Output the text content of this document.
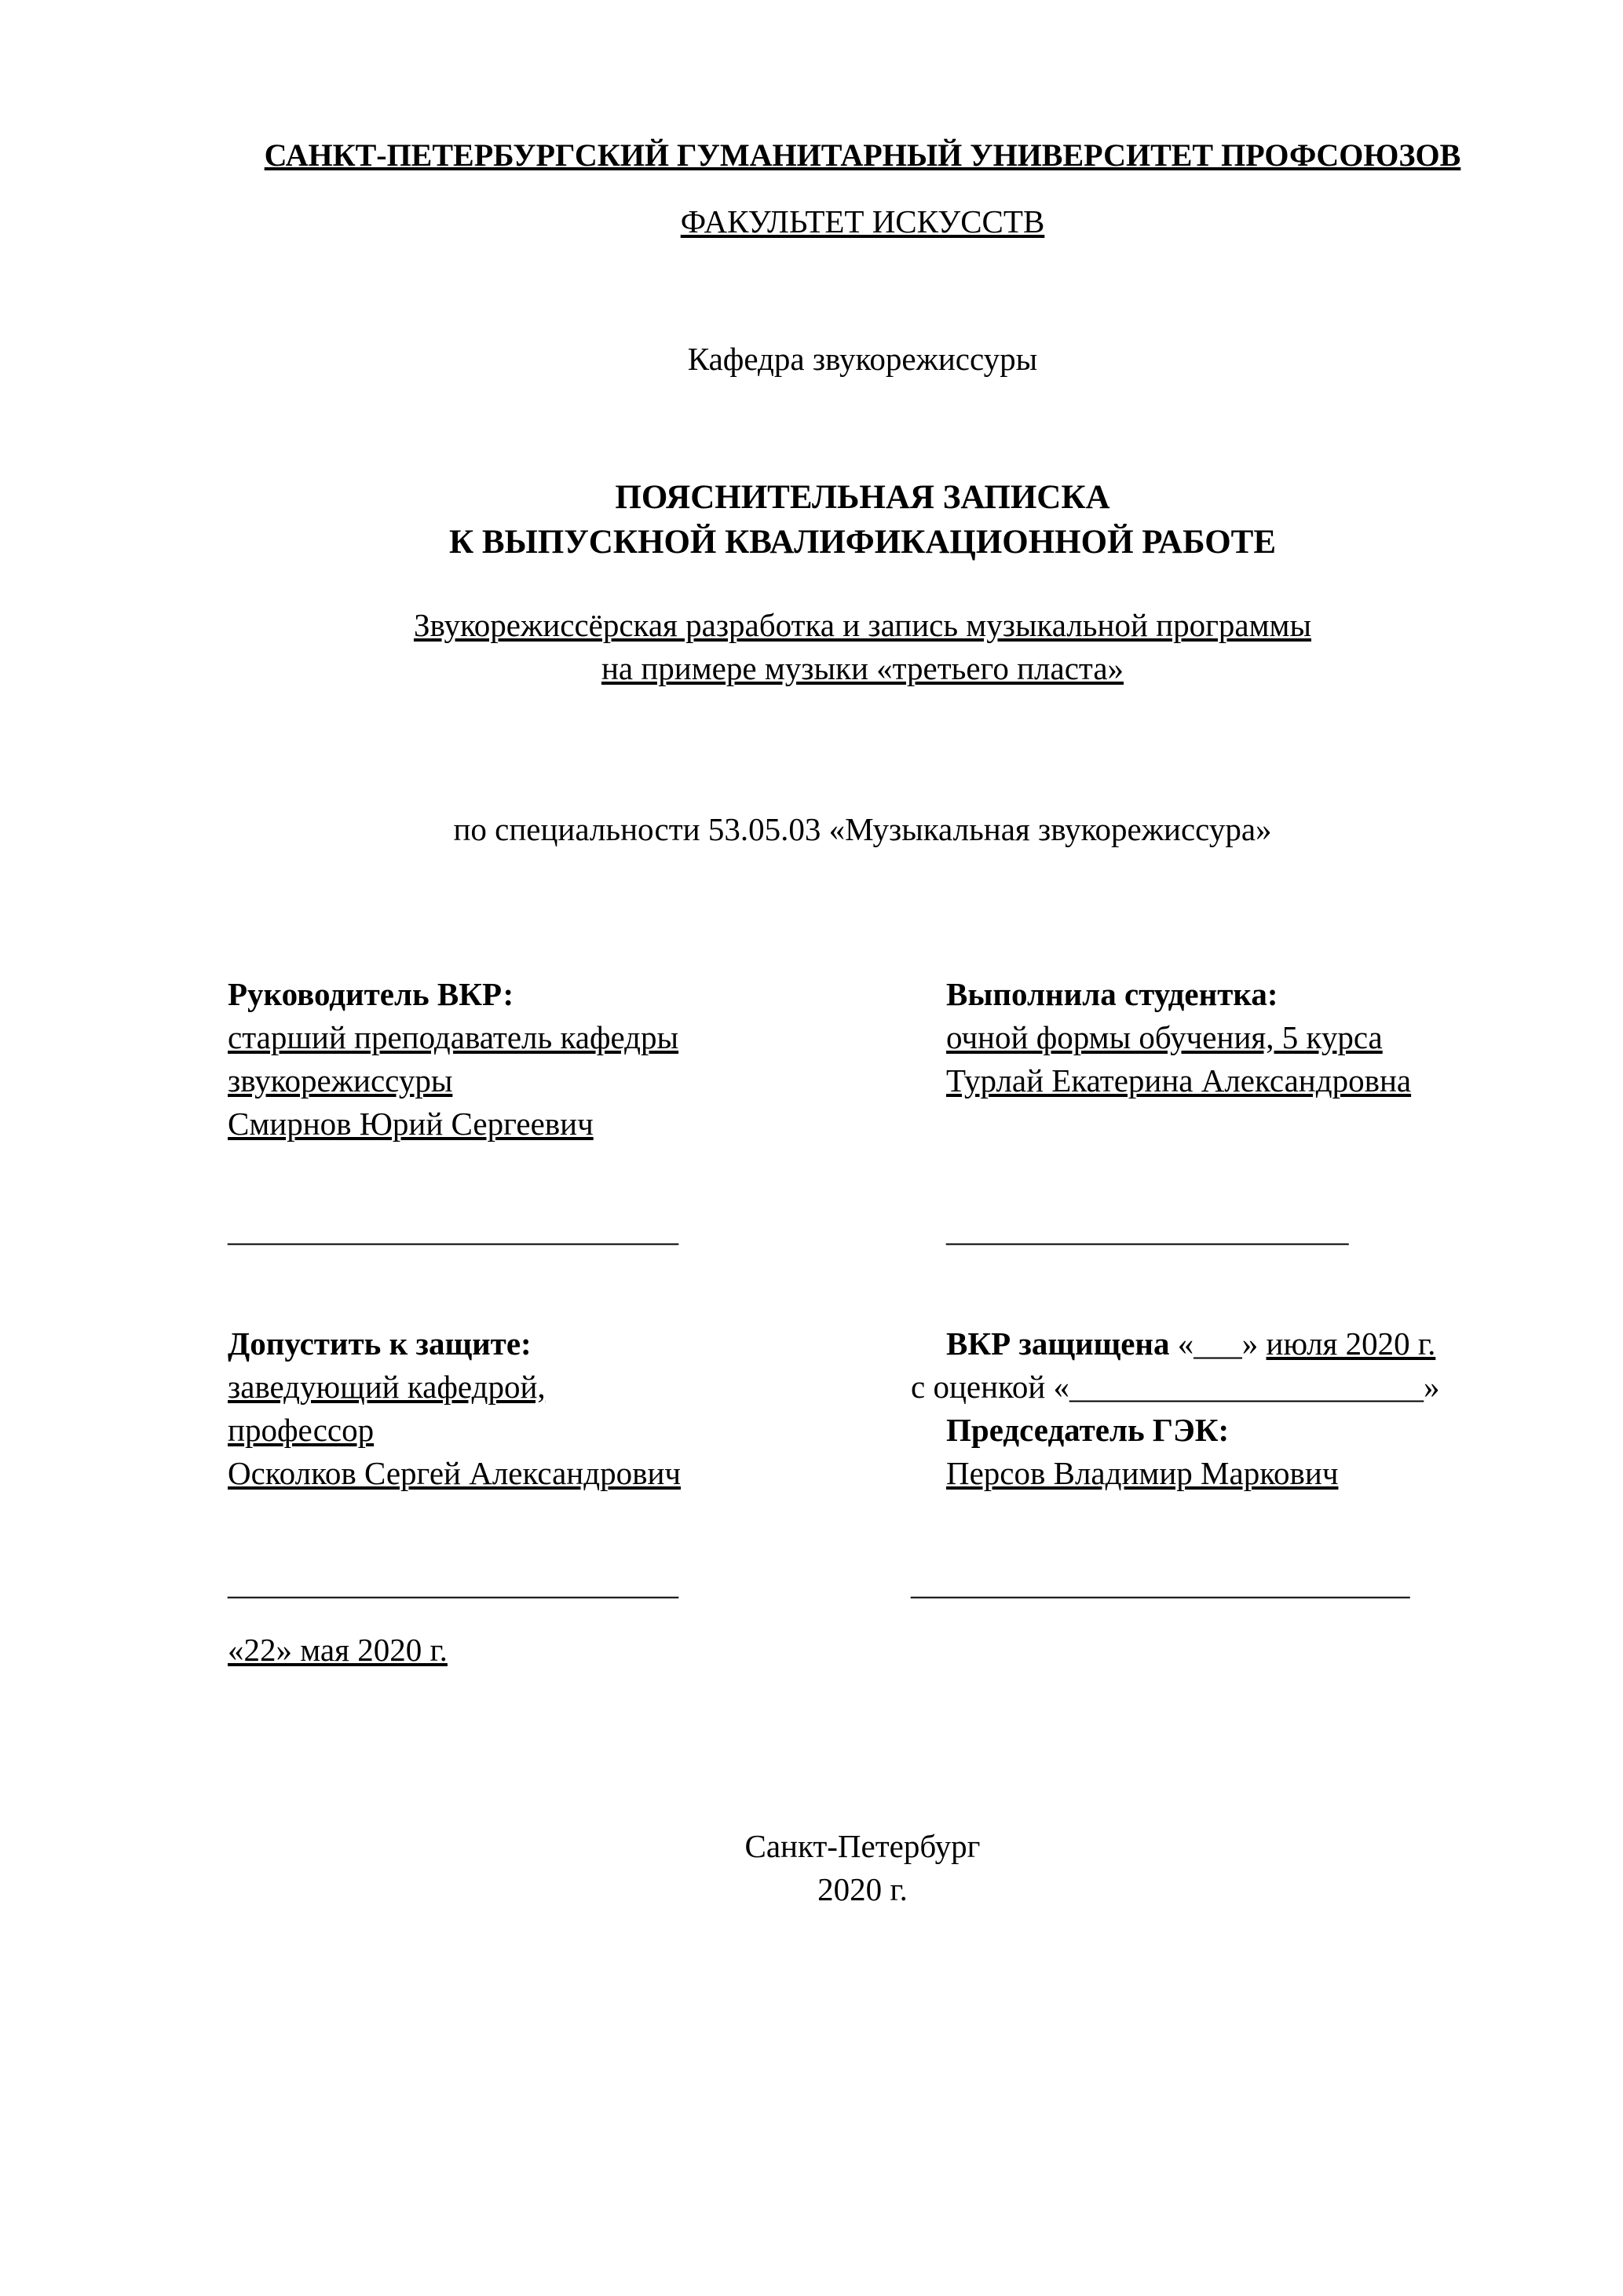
САНКТ-ПЕТЕРБУРГСКИЙ ГУМАНИТАРНЫЙ УНИВЕРСИТЕТ ПРОФСОЮЗОВ
ФАКУЛЬТЕТ ИСКУССТВ
Кафедра звукорежиссуры
ПОЯСНИТЕЛЬНАЯ ЗАПИСКА
К ВЫПУСКНОЙ КВАЛИФИКАЦИОННОЙ РАБОТЕ
Звукорежиссёрская разработка и запись музыкальной программы
на примере музыки «третьего пласта»
по специальности 53.05.03 «Музыкальная звукорежиссура»
Руководитель ВКР:
старший преподаватель кафедры
звукорежиссуры
Смирнов Юрий Сергеевич
____________________________
Выполнила студентка:
очной формы обучения, 5 курса
Турлай Екатерина Александровна
_________________________
Допустить к защите:
заведующий кафедрой,
профессор
Осколков Сергей Александрович
____________________________
ВКР защищена «___» июля 2020 г.
с оценкой «______________________»
Председатель ГЭК:
Персов Владимир Маркович
_______________________________
«22» мая 2020 г.
Санкт-Петербург
2020 г.
